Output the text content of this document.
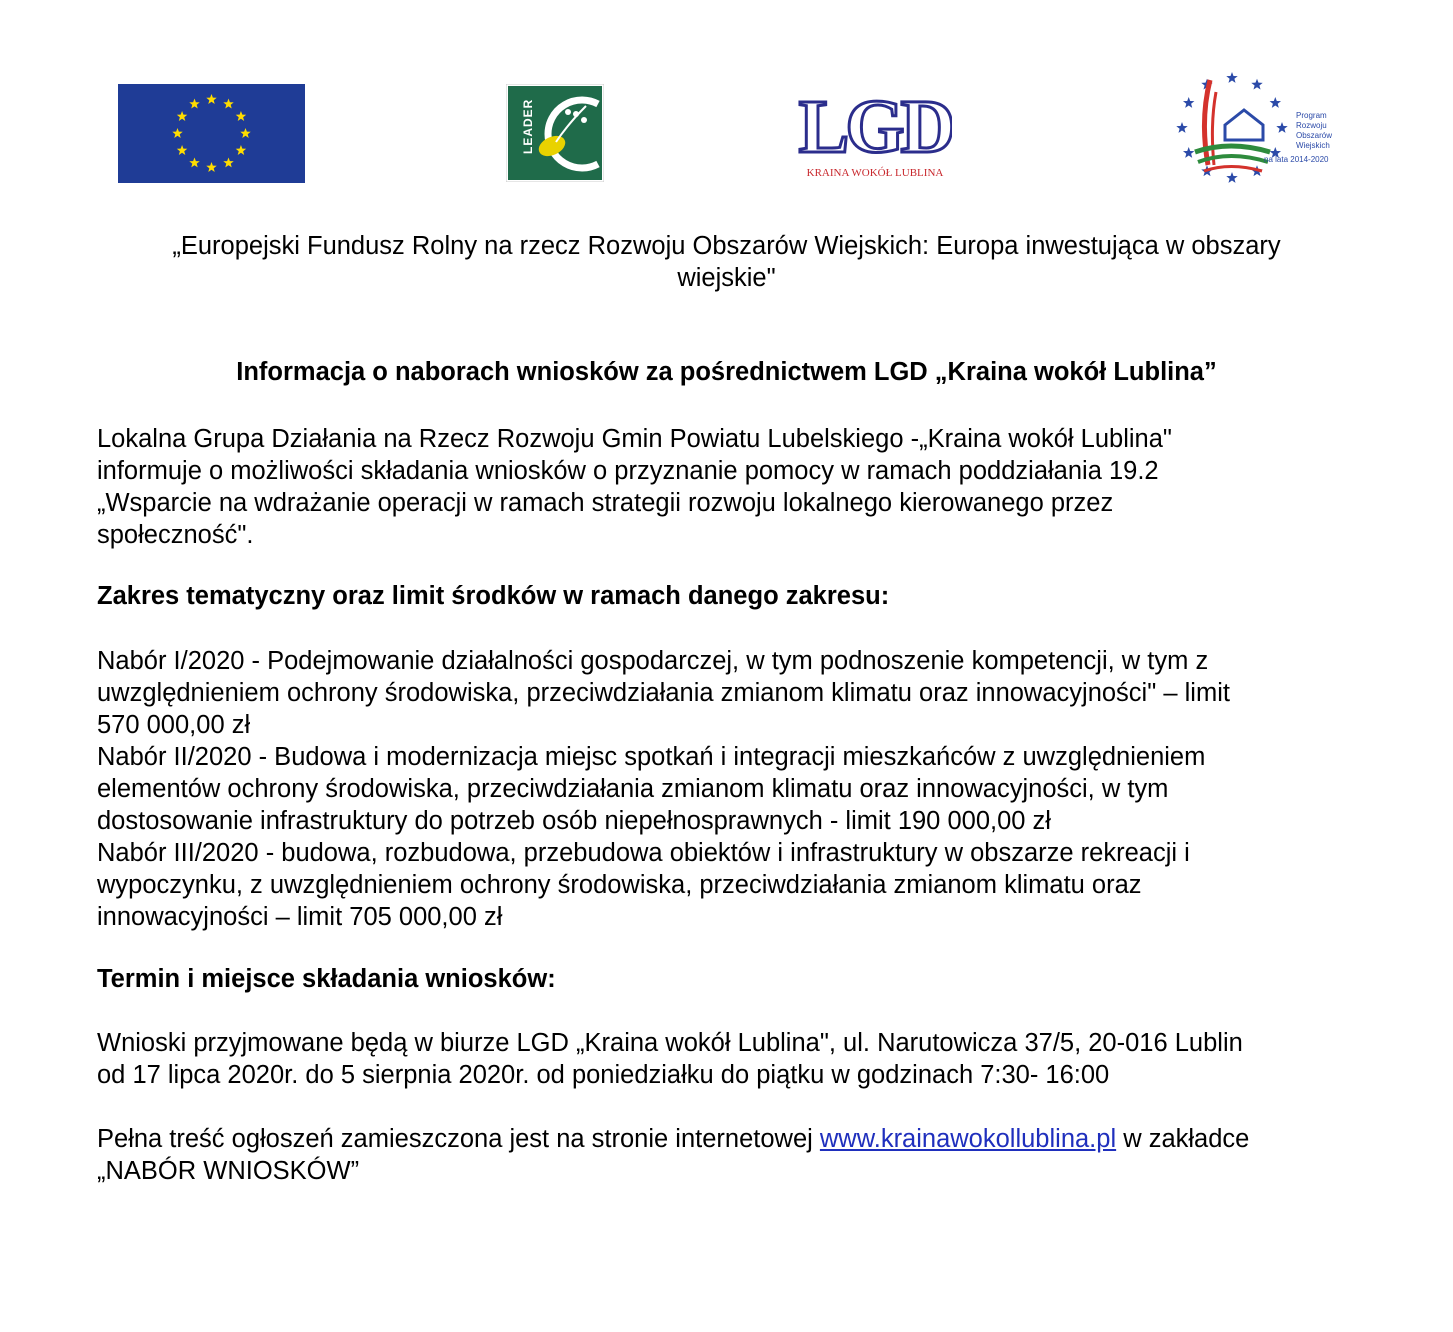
LEADER	LGD
KRAINA WOKÓŁ LUBLINA
Program
Rozwoju
Obszarów
Wiejskich
na lata 2014-2020
„Europejski Fundusz Rolny na rzecz Rozwoju Obszarów Wiejskich: Europa inwestująca w obszary
wiejskie"
Informacja o naborach wniosków za pośrednictwem LGD „Kraina wokół Lublina”
Lokalna Grupa Działania na Rzecz Rozwoju Gmin Powiatu Lubelskiego -„Kraina wokół Lublina"
informuje o możliwości składania wniosków o przyznanie pomocy w ramach poddziałania 19.2
„Wsparcie na wdrażanie operacji w ramach strategii rozwoju lokalnego kierowanego przez
społeczność".
Zakres tematyczny oraz limit środków w ramach danego zakresu:
Nabór I/2020 - Podejmowanie działalności gospodarczej, w tym podnoszenie kompetencji, w tym z
uwzględnieniem ochrony środowiska, przeciwdziałania zmianom klimatu oraz innowacyjności" – limit
570 000,00 zł
Nabór II/2020 - Budowa i modernizacja miejsc spotkań i integracji mieszkańców z uwzględnieniem
elementów ochrony środowiska, przeciwdziałania zmianom klimatu oraz innowacyjności, w tym
dostosowanie infrastruktury do potrzeb osób niepełnosprawnych - limit 190 000,00 zł
Nabór III/2020 - budowa, rozbudowa, przebudowa obiektów i infrastruktury w obszarze rekreacji i
wypoczynku, z uwzględnieniem ochrony środowiska, przeciwdziałania zmianom klimatu oraz
innowacyjności – limit 705 000,00 zł
Termin i miejsce składania wniosków:
Wnioski przyjmowane będą w biurze LGD „Kraina wokół Lublina", ul. Narutowicza 37/5, 20-016 Lublin
od 17 lipca 2020r. do 5 sierpnia 2020r. od poniedziałku do piątku w godzinach 7:30- 16:00
Pełna treść ogłoszeń zamieszczona jest na stronie internetowej www.krainawokollublina.pl w zakładce
„NABÓR WNIOSKÓW”
